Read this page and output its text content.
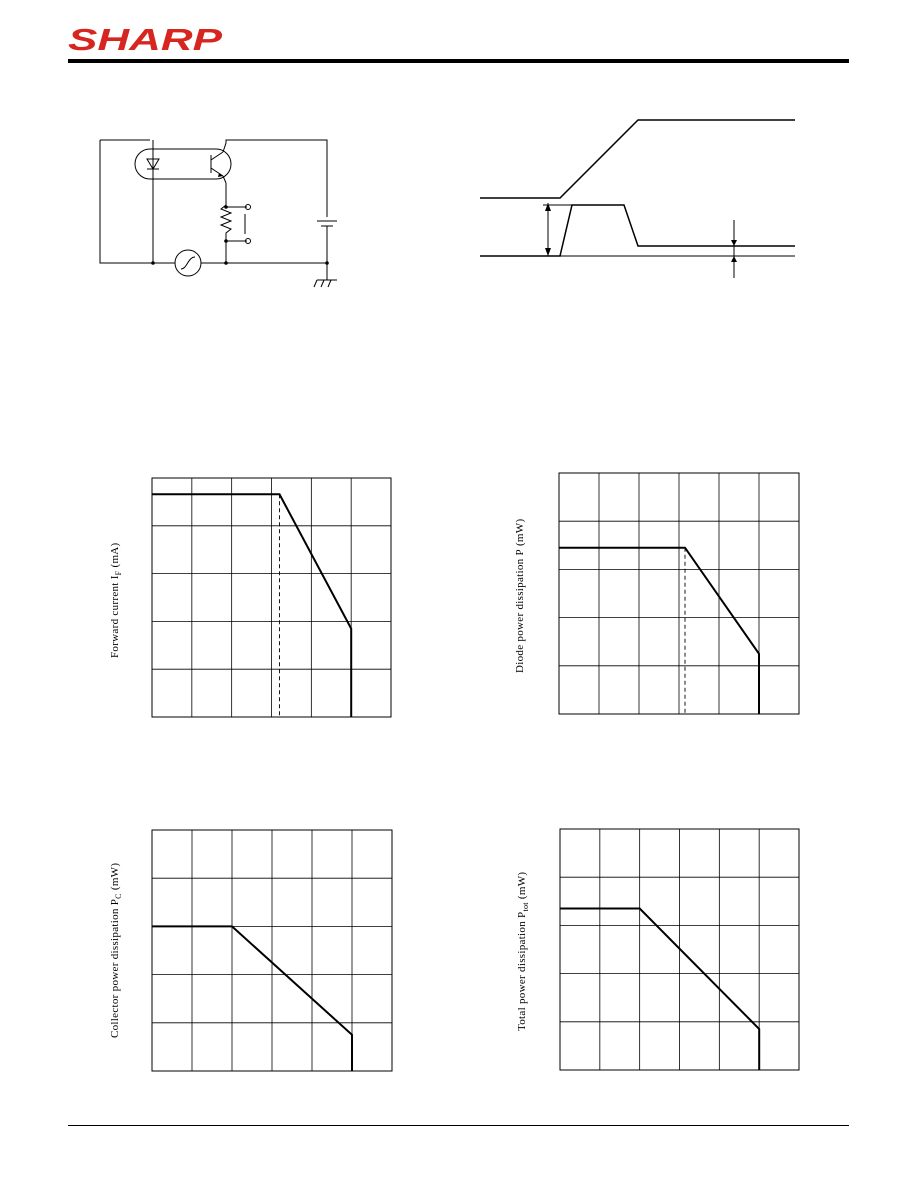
SHARP
Forward current $I_F$ (mA)	Diode power dissipation P (mW)
Collector power dissipation $P_C$ (mW)
Total power dissipation $P_{tot}$ (mW)
